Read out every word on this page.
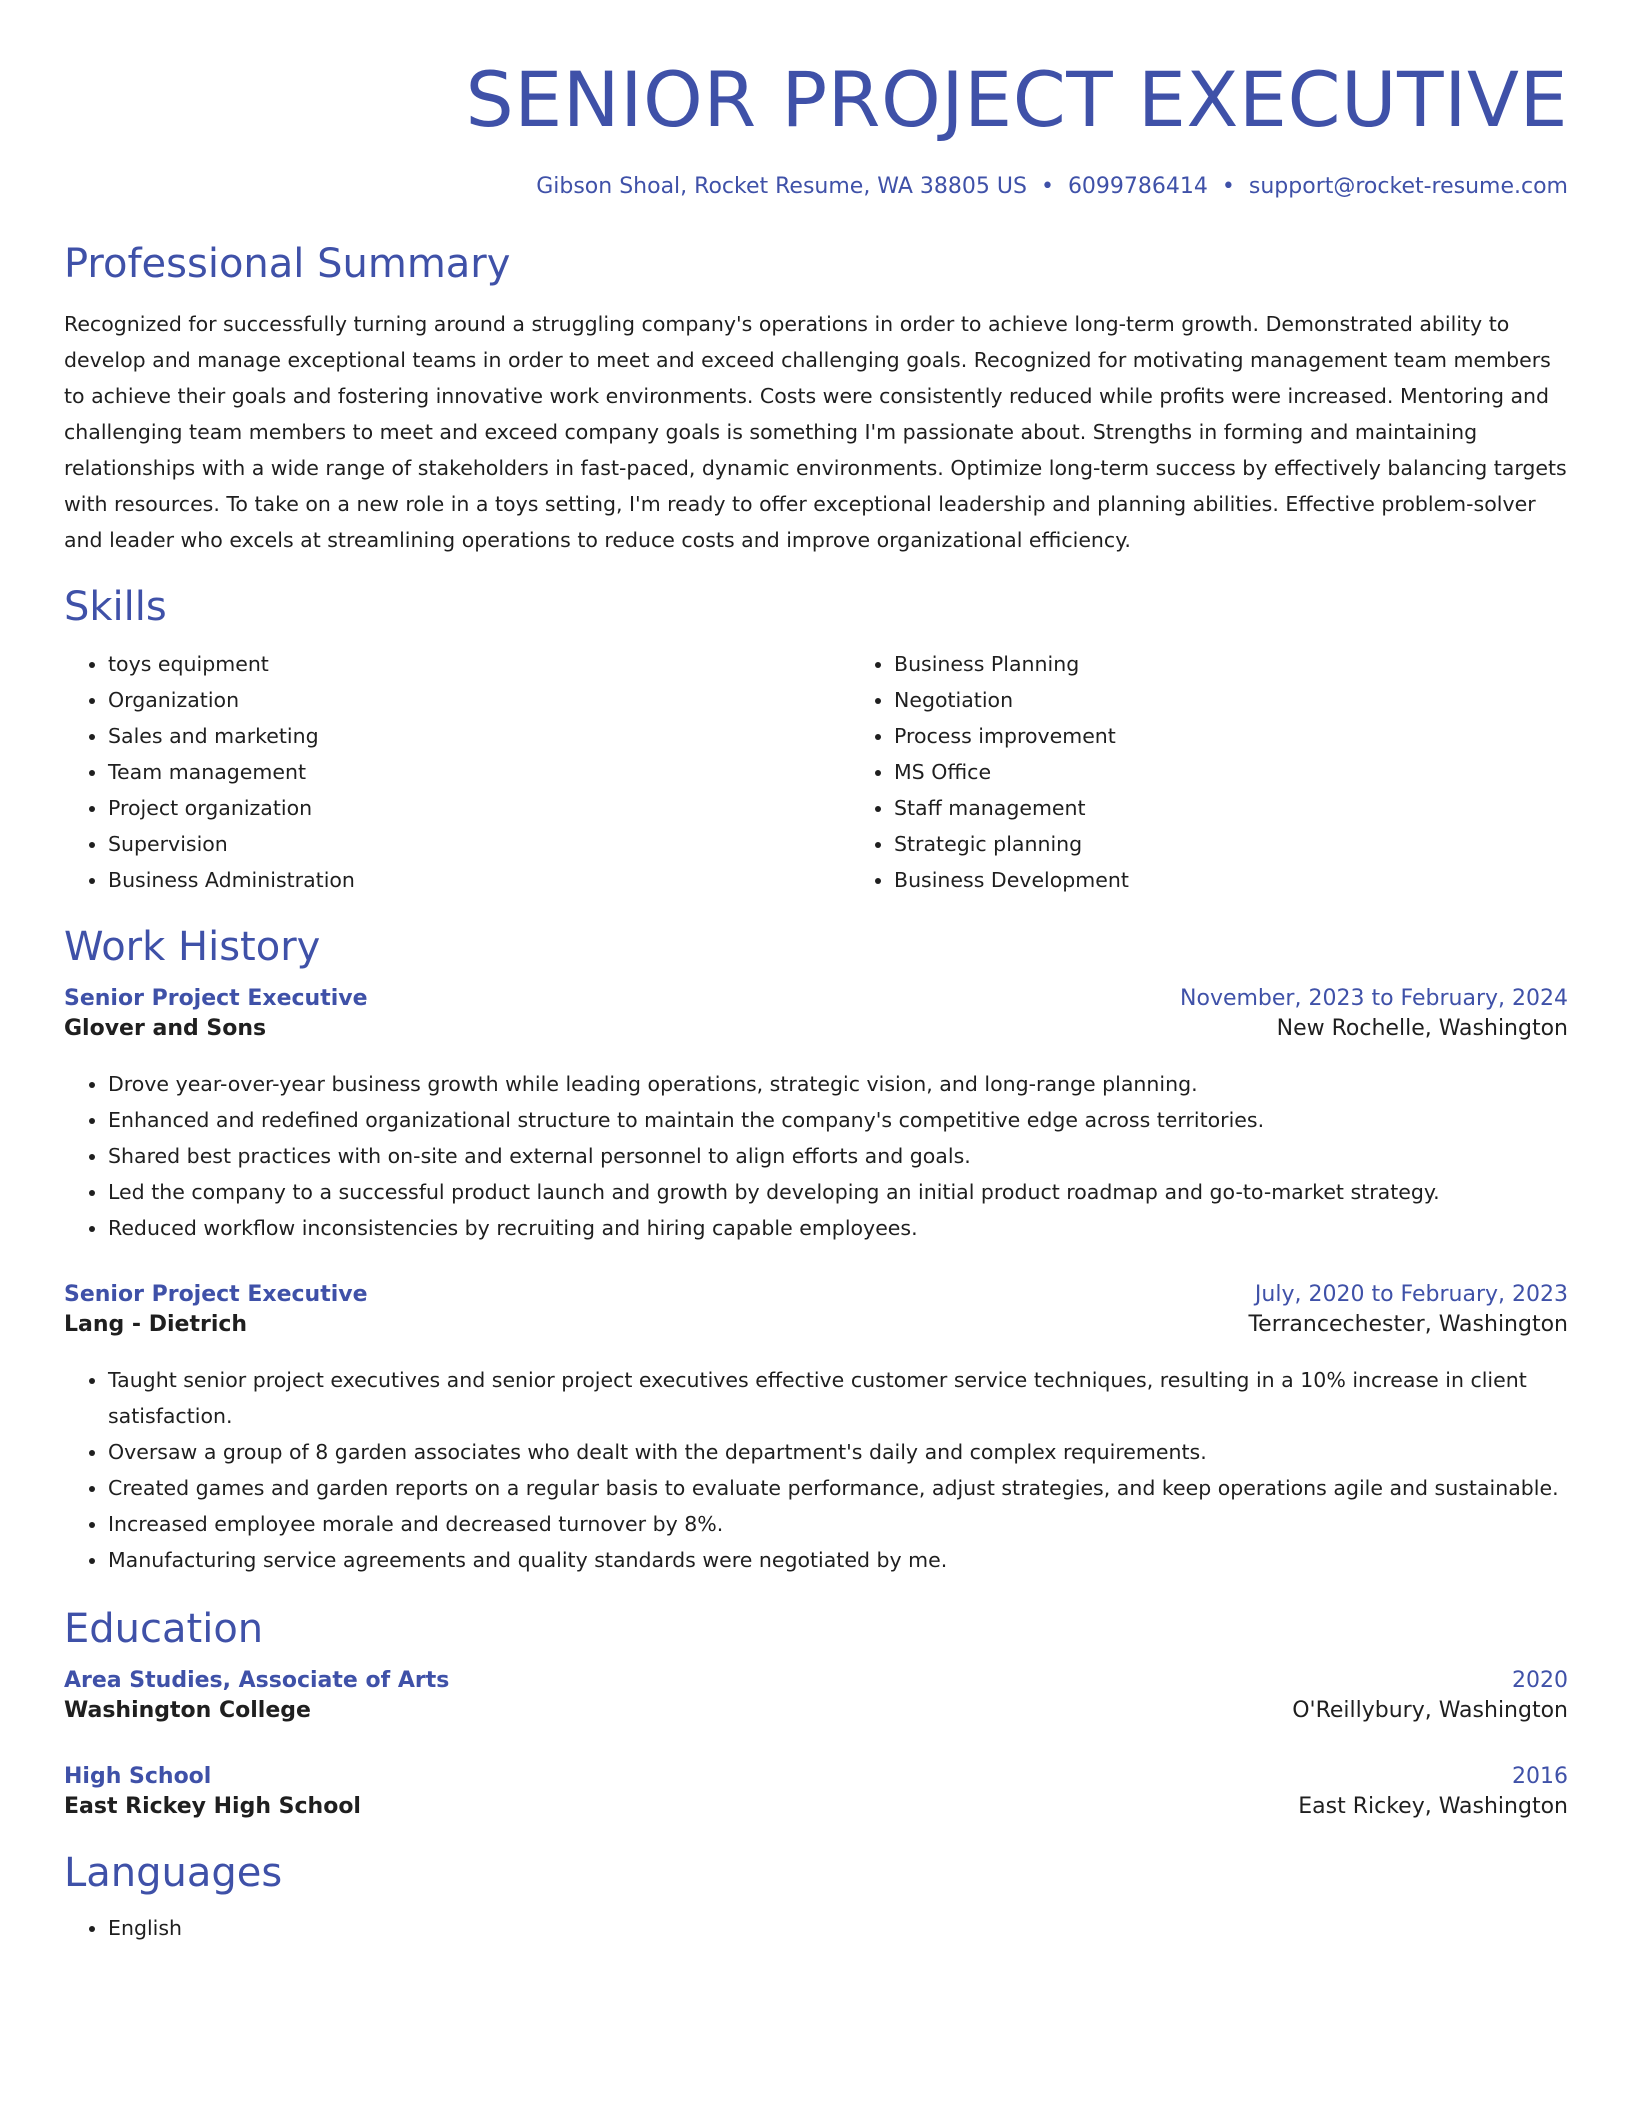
SENIOR PROJECT EXECUTIVE
Gibson Shoal, Rocket Resume, WA 38805 US • 6099786414 • support@rocket-resume.com
Professional Summary

Recognized for successfully turning around a struggling company's operations in order to achieve long-term growth. Demonstrated ability to develop and manage exceptional teams in order to meet and exceed challenging goals. Recognized for motivating management team members to achieve their goals and fostering innovative work environments. Costs were consistently reduced while profits were increased. Mentoring and challenging team members to meet and exceed company goals is something I'm passionate about. Strengths in forming and maintaining relationships with a wide range of stakeholders in fast-paced, dynamic environments. Optimize long-term success by effectively balancing targets with resources. To take on a new role in a toys setting, I'm ready to offer exceptional leadership and planning abilities. Effective problem-solver and leader who excels at streamlining operations to reduce costs and improve organizational efficiency.

Skills
• toys equipment
• Organization
• Sales and marketing
• Team management
• Project organization
• Supervision
• Business Administration
• Business Planning
• Negotiation
• Process improvement
• MS Office
• Staff management
• Strategic planning
• Business Development
Work History
Senior Project Executive	November, 2023 to February, 2024
Glover and Sons	New Rochelle, Washington
• Drove year-over-year business growth while leading operations, strategic vision, and long-range planning.
• Enhanced and redefined organizational structure to maintain the company's competitive edge across territories.
• Shared best practices with on-site and external personnel to align efforts and goals.
• Led the company to a successful product launch and growth by developing an initial product roadmap and go-to-market strategy.
• Reduced workflow inconsistencies by recruiting and hiring capable employees.
Senior Project Executive	July, 2020 to February, 2023
Lang - Dietrich	Terrancechester, Washington
• Taught senior project executives and senior project executives effective customer service techniques, resulting in a 10% increase in client satisfaction.
• Oversaw a group of 8 garden associates who dealt with the department's daily and complex requirements.
• Created games and garden reports on a regular basis to evaluate performance, adjust strategies, and keep operations agile and sustainable.
• Increased employee morale and decreased turnover by 8%.
• Manufacturing service agreements and quality standards were negotiated by me.
Education
Area Studies, Associate of Arts	2020
Washington College	O'Reillybury, Washington
High School	2016
East Rickey High School	East Rickey, Washington
Languages
• English
